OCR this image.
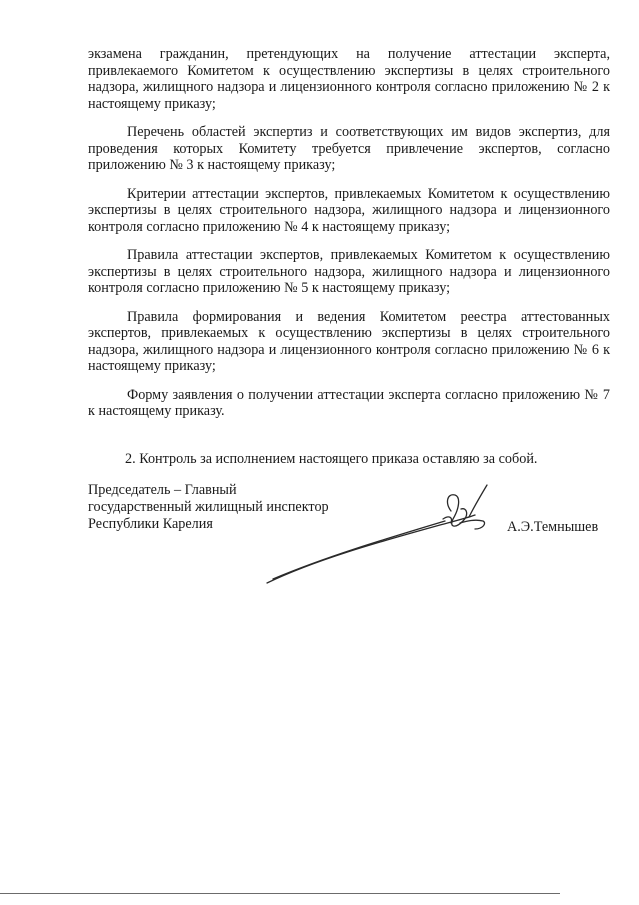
экзамена гражданин, претендующих на получение аттестации эксперта, привлекаемого Комитетом к осуществлению экспертизы в целях строительного надзора, жилищного надзора и лицензионного контроля согласно приложению № 2 к настоящему приказу;

Перечень областей экспертиз и соответствующих им видов экспертиз, для проведения которых Комитету требуется привлечение экспертов, согласно приложению № 3 к настоящему приказу;

Критерии аттестации экспертов, привлекаемых Комитетом к осуществлению экспертизы в целях строительного надзора, жилищного надзора и лицензионного контроля согласно приложению № 4 к настоящему приказу;

Правила аттестации экспертов, привлекаемых Комитетом к осуществлению экспертизы в целях строительного надзора, жилищного надзора и лицензионного контроля согласно приложению № 5 к настоящему приказу;

Правила формирования и ведения Комитетом реестра аттестованных экспертов, привлекаемых к осуществлению экспертизы в целях строительного надзора, жилищного надзора и лицензионного контроля согласно приложению № 6 к настоящему приказу;

Форму заявления о получении аттестации эксперта согласно приложению № 7 к настоящему приказу.

2. Контроль за исполнением настоящего приказа оставляю за собой.
Председатель – Главный
государственный жилищный инспектор
Республики Карелия	А.Э.Темнышев
